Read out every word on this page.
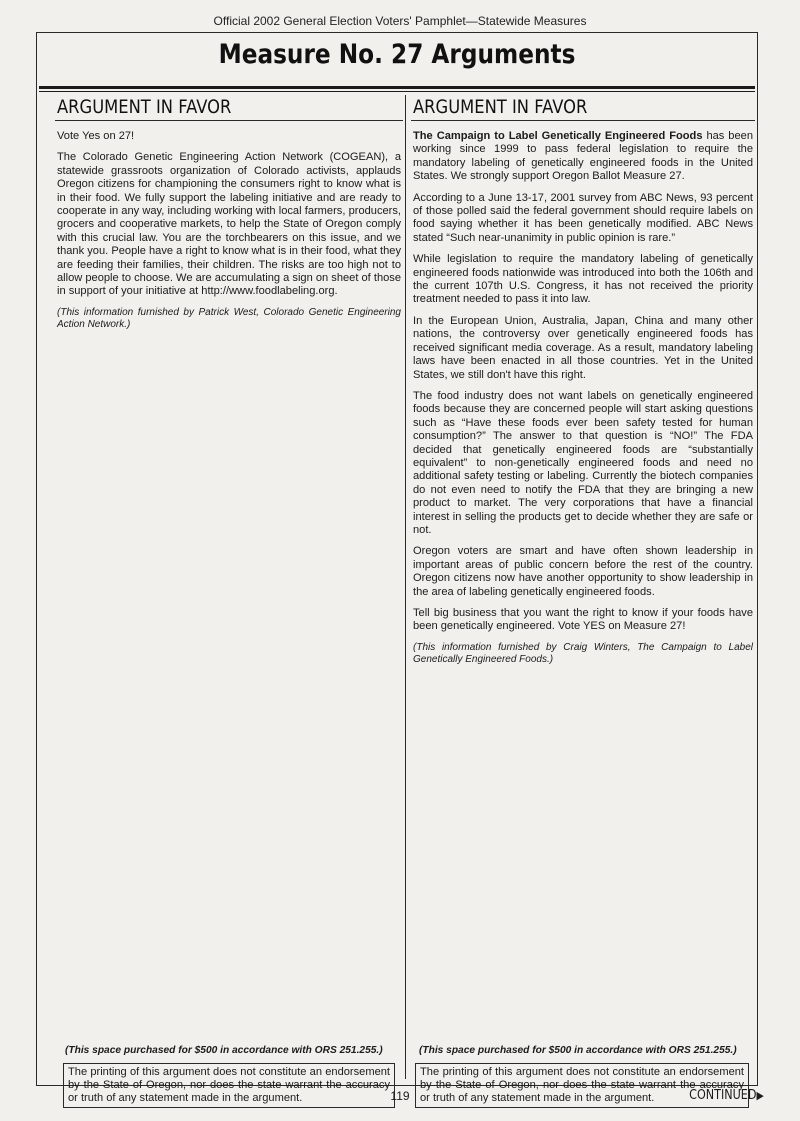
Official 2002 General Election Voters' Pamphlet—Statewide Measures
Measure No. 27 Arguments
ARGUMENT IN FAVOR

Vote Yes on 27!

The Colorado Genetic Engineering Action Network (COGEAN), a statewide grassroots organization of Colorado activists, applauds Oregon citizens for championing the consumers right to know what is in their food. We fully support the labeling initiative and are ready to cooperate in any way, including working with local farmers, producers, grocers and cooperative markets, to help the State of Oregon comply with this crucial law. You are the torchbearers on this issue, and we thank you. People have a right to know what is in their food, what they are feeding their families, their children. The risks are too high not to allow people to choose. We are accumulating a sign on sheet of those in support of your initiative at http://www.foodlabeling.org.

(This information furnished by Patrick West, Colorado Genetic Engineering Action Network.)

(This space purchased for $500 in accordance with ORS 251.255.)
The printing of this argument does not constitute an endorsement by the State of Oregon, nor does the state warrant the accuracy or truth of any statement made in the argument.
ARGUMENT IN FAVOR

The Campaign to Label Genetically Engineered Foods has been working since 1999 to pass federal legislation to require the mandatory labeling of genetically engineered foods in the United States. We strongly support Oregon Ballot Measure 27.

According to a June 13-17, 2001 survey from ABC News, 93 percent of those polled said the federal government should require labels on food saying whether it has been genetically modified. ABC News stated “Such near-unanimity in public opinion is rare.”

While legislation to require the mandatory labeling of genetically engineered foods nationwide was introduced into both the 106th and the current 107th U.S. Congress, it has not received the priority treatment needed to pass it into law.

In the European Union, Australia, Japan, China and many other nations, the controversy over genetically engineered foods has received significant media coverage. As a result, mandatory labeling laws have been enacted in all those countries. Yet in the United States, we still don't have this right.

The food industry does not want labels on genetically engineered foods because they are concerned people will start asking questions such as “Have these foods ever been safety tested for human consumption?” The answer to that question is “NO!” The FDA decided that genetically engineered foods are “substantially equivalent” to non-genetically engineered foods and need no additional safety testing or labeling. Currently the biotech companies do not even need to notify the FDA that they are bringing a new product to market. The very corporations that have a financial interest in selling the products get to decide whether they are safe or not.

Oregon voters are smart and have often shown leadership in important areas of public concern before the rest of the country. Oregon citizens now have another opportunity to show leadership in the area of labeling genetically engineered foods.

Tell big business that you want the right to know if your foods have been genetically engineered. Vote YES on Measure 27!

(This information furnished by Craig Winters, The Campaign to Label Genetically Engineered Foods.)

(This space purchased for $500 in accordance with ORS 251.255.)
The printing of this argument does not constitute an endorsement by the State of Oregon, nor does the state warrant the accuracy or truth of any statement made in the argument.
119	CONTINUED▶
